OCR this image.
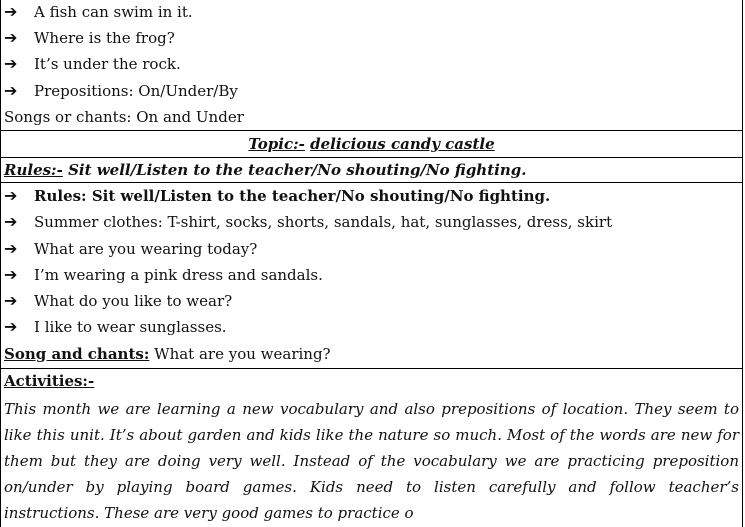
➔ A fish can swim in it.
➔ Where is the frog?
➔ It’s under the rock.
➔ Prepositions: On/Under/By
Songs or chants: On and Under
Topic:- delicious candy castle
Rules:- Sit well/Listen to the teacher/No shouting/No fighting.
➔ Rules: Sit well/Listen to the teacher/No shouting/No fighting.
➔ Summer clothes: T-shirt, socks, shorts, sandals, hat, sunglasses, dress, skirt
➔ What are you wearing today?
➔ I’m wearing a pink dress and sandals.
➔ What do you like to wear?
➔ I like to wear sunglasses.
Song and chants: What are you wearing?
Activities:-
This month we are learning a new vocabulary and also prepositions of location. They seem to like this unit. It’s about garden and kids like the nature so much. Most of the words are new for them but they are doing very well. Instead of the vocabulary we are practicing preposition on/under by playing board games. Kids need to listen carefully and follow teacher’s instructions. These are very good games to practice o
